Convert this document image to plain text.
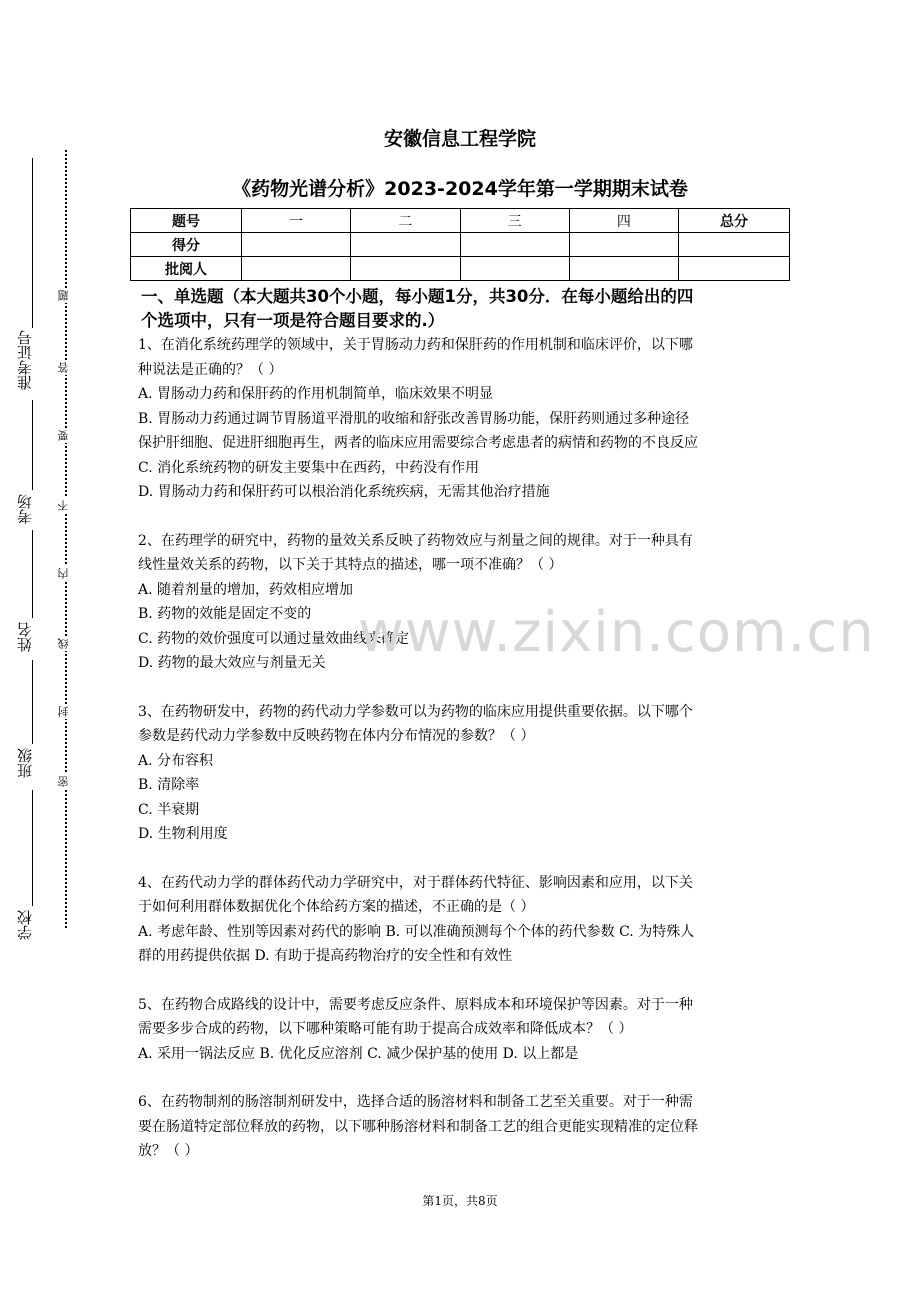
准考证号
考场
姓名
班级
学校
题
答
要
不
内
线
封
密
安徽信息工程学院
《药物光谱分析》2023-2024学年第一学期期末试卷
题号	一	二	三	四	总分
得分					
批阅人					
一、单选题（本大题共30个小题，每小题1分，共30分．在每小题给出的四
个选项中，只有一项是符合题目要求的.）
1、在消化系统药理学的领域中，关于胃肠动力药和保肝药的作用机制和临床评价，以下哪
种说法是正确的？（ ）
A. 胃肠动力药和保肝药的作用机制简单，临床效果不明显
B. 胃肠动力药通过调节胃肠道平滑肌的收缩和舒张改善胃肠功能，保肝药则通过多种途径
保护肝细胞、促进肝细胞再生，两者的临床应用需要综合考虑患者的病情和药物的不良反应
C. 消化系统药物的研发主要集中在西药，中药没有作用
D. 胃肠动力药和保肝药可以根治消化系统疾病，无需其他治疗措施
2、在药理学的研究中，药物的量效关系反映了药物效应与剂量之间的规律。对于一种具有
线性量效关系的药物，以下关于其特点的描述，哪一项不准确？（ ）
A. 随着剂量的增加，药效相应增加
B. 药物的效能是固定不变的
C. 药物的效价强度可以通过量效曲线来确定
D. 药物的最大效应与剂量无关
3、在药物研发中，药物的药代动力学参数可以为药物的临床应用提供重要依据。以下哪个
参数是药代动力学参数中反映药物在体内分布情况的参数？（ ）
A. 分布容积
B. 清除率
C. 半衰期
D. 生物利用度
4、在药代动力学的群体药代动力学研究中，对于群体药代特征、影响因素和应用，以下关
于如何利用群体数据优化个体给药方案的描述，不正确的是（ ）
A. 考虑年龄、性别等因素对药代的影响 B. 可以准确预测每个个体的药代参数 C. 为特殊人
群的用药提供依据 D. 有助于提高药物治疗的安全性和有效性
5、在药物合成路线的设计中，需要考虑反应条件、原料成本和环境保护等因素。对于一种
需要多步合成的药物，以下哪种策略可能有助于提高合成效率和降低成本？（ ）
A. 采用一锅法反应 B. 优化反应溶剂 C. 减少保护基的使用 D. 以上都是
6、在药物制剂的肠溶制剂研发中，选择合适的肠溶材料和制备工艺至关重要。对于一种需
要在肠道特定部位释放的药物，以下哪种肠溶材料和制备工艺的组合更能实现精准的定位释
放？（ ）
www.zixin.com.cn
第1页，共8页
